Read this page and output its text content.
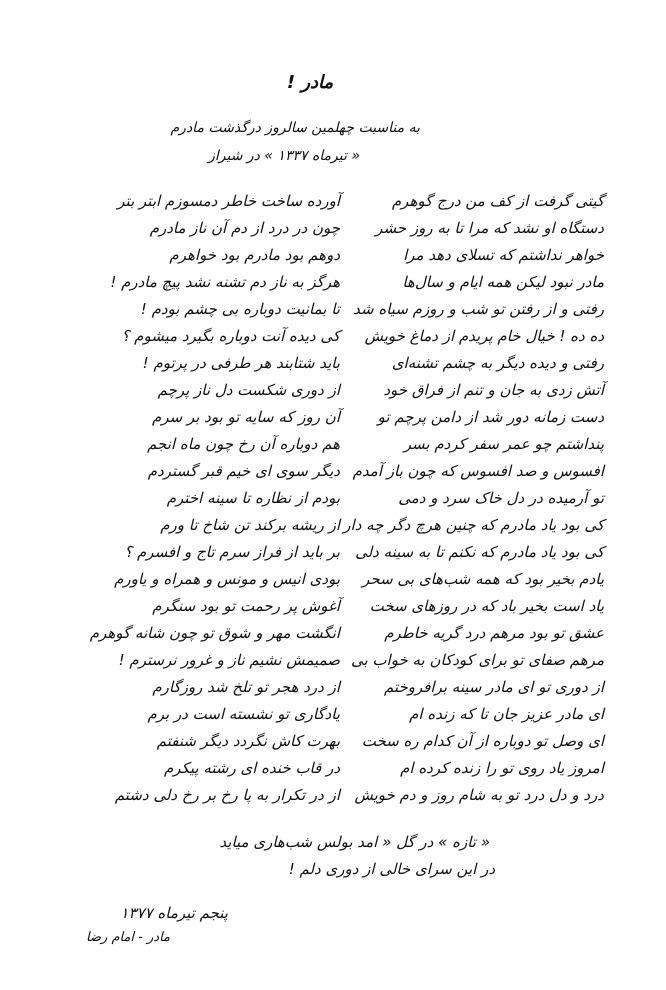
مادر !
به مناسبت چهلمین سالروز درگذشت مادرم
« تیرماه ۱۳۳۷ » در شیراز
گیتی گرفت از کف من درج گوهرم
دستگاه او نشد که مرا تا به روز حشر
خواهر نداشتم که تسلای دهد مرا
مادر نبود لیکن همه ایام و سال‌ها
رفتی و از رفتن تو شب و روزم سیاه شد
ده ده ! خیال خام پریدم از دماغ خویش
رفتی و دیده دیگر به چشم تشنه‌ای
آتش زدی به جان و تنم از فراق خود
دست زمانه دور شد از دامن پرچم تو
پنداشتم چو عمر سفر کردم بسر
افسوس و صد افسوس که چون باز آمدم
تو آرمیده در دل خاک سرد و دمی
کی بود یاد مادرم که چنین هرچ دگر چه دار
کی بود یاد مادرم که نکنم تا به سینه دلی
یادم بخیر بود که همه شب‌های بی سحر
یاد است بخیر باد که در روزهای سخت
عشق تو بود مرهم درد گریه خاطرم
مرهم صفای تو برای کودکان به خواب بی
از دوری تو ای مادر سینه برافروختم
ای مادر عزیز جان تا که زنده ام
ای وصل تو دوباره از آن کدام ره سخت
امروز یاد روی تو را زنده کرده ام
درد و دل درد تو به شام روز و دم خویش
آورده ساخت خاطر دمسوزم ابتر بتر
چون در درد از دم آن ناز مادرم
دوهم بود مادرم بود خواهرم
هرگز به ناز دم تشنه نشد پیچ مادرم !
تا بمانیت دوباره بی چشم بودم !
کی دیده آنت دوباره بگیرد میشوم ؟
باید شتابند هر طرفی در پرتوم !
از دوری شکست دل ناز پرچم
آن روز که سایه تو بود بر سرم
هم دوباره آن رخ چون ماه انجم
دیگر سوی ای خیم قبر گستردم
بودم از نظاره تا سینه اخترم
از ریشه برکند تن شاخ تا ورم
بر باید از فراز سرم تاج و افسرم ؟
بودی انیس و مونس و همراه و یاورم
آغوش پر رحمت تو بود سنگرم
انگشت مهر و شوق تو چون شانه گوهرم
صمیمش نشیم ناز و غرور نرسترم !
از درد هجر تو تلخ شد روزگارم
یادگاری تو نشسته است در برم
بهرت کاش نگردد دیگر شنفتم
در قاب خنده ای رشته پیکرم
از در تکرار به پا رخ بر رخ دلی دشتم
« تازه » در گل « امد بولس شب‌هاری میاید
در این سرای خالی از دوری دلم !
پنجم تیرماه ۱۳۷۷
مادر - امام رضا
